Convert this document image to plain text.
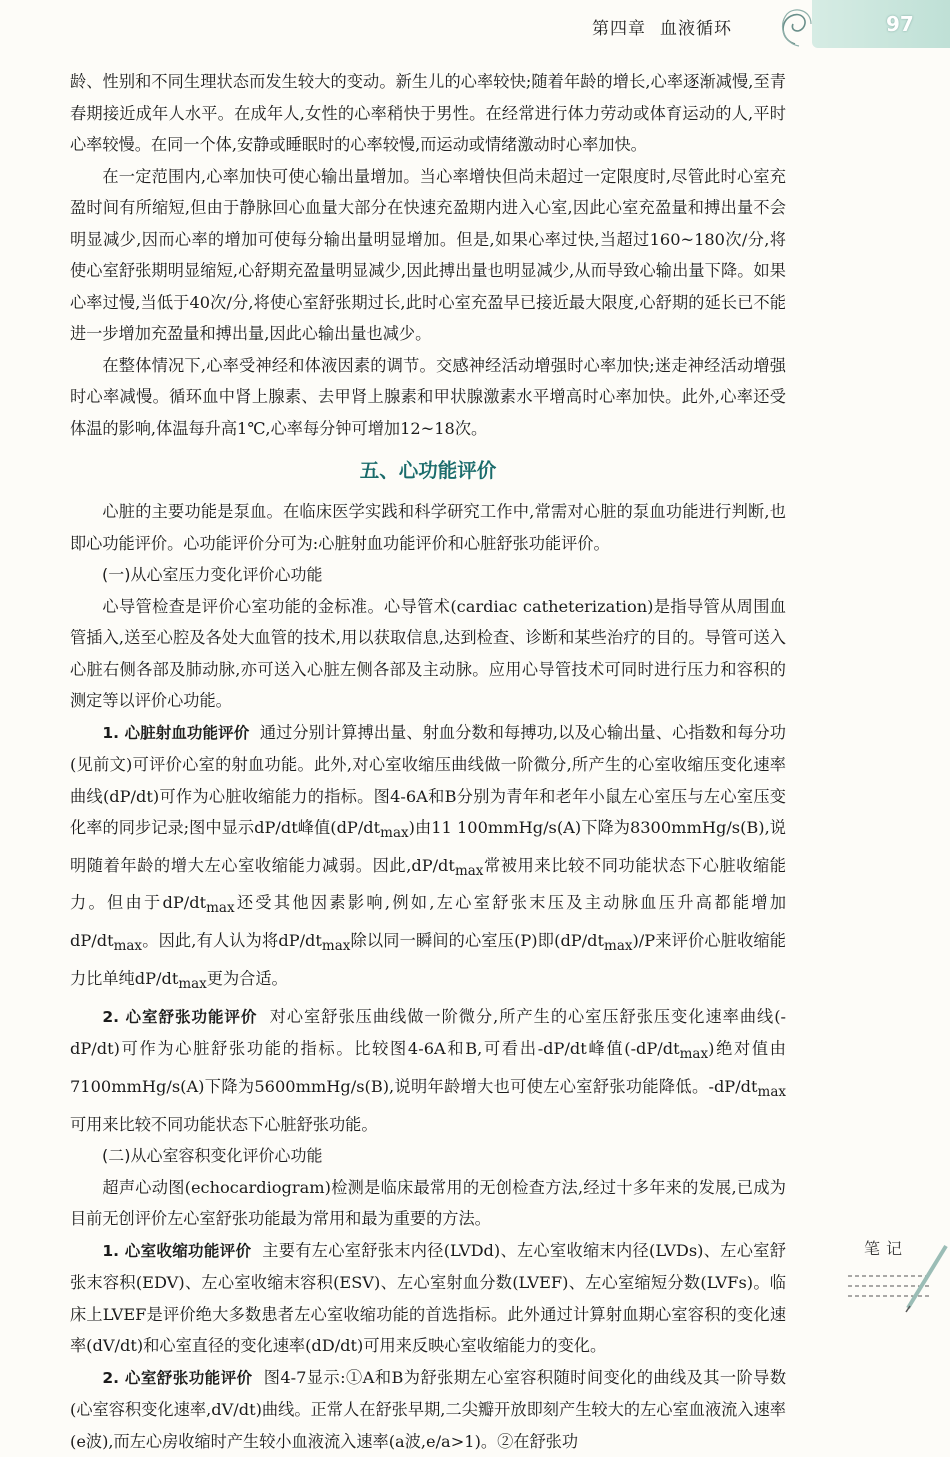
第四章 血液循环	97

龄、性别和不同生理状态而发生较大的变动。新生儿的心率较快;随着年龄的增长,心率逐渐减慢,至青春期接近成年人水平。在成年人,女性的心率稍快于男性。在经常进行体力劳动或体育运动的人,平时心率较慢。在同一个体,安静或睡眠时的心率较慢,而运动或情绪激动时心率加快。

在一定范围内,心率加快可使心输出量增加。当心率增快但尚未超过一定限度时,尽管此时心室充盈时间有所缩短,但由于静脉回心血量大部分在快速充盈期内进入心室,因此心室充盈量和搏出量不会明显减少,因而心率的增加可使每分输出量明显增加。但是,如果心率过快,当超过160~180次/分,将使心室舒张期明显缩短,心舒期充盈量明显减少,因此搏出量也明显减少,从而导致心输出量下降。如果心率过慢,当低于40次/分,将使心室舒张期过长,此时心室充盈早已接近最大限度,心舒期的延长已不能进一步增加充盈量和搏出量,因此心输出量也减少。

在整体情况下,心率受神经和体液因素的调节。交感神经活动增强时心率加快;迷走神经活动增强时心率减慢。循环血中肾上腺素、去甲肾上腺素和甲状腺激素水平增高时心率加快。此外,心率还受体温的影响,体温每升高1℃,心率每分钟可增加12~18次。

五、心功能评价

心脏的主要功能是泵血。在临床医学实践和科学研究工作中,常需对心脏的泵血功能进行判断,也即心功能评价。心功能评价分可为:心脏射血功能评价和心脏舒张功能评价。

(一)从心室压力变化评价心功能

心导管检查是评价心室功能的金标准。心导管术(cardiac catheterization)是指导管从周围血管插入,送至心腔及各处大血管的技术,用以获取信息,达到检查、诊断和某些治疗的目的。导管可送入心脏右侧各部及肺动脉,亦可送入心脏左侧各部及主动脉。应用心导管技术可同时进行压力和容积的测定等以评价心功能。

1. 心脏射血功能评价 通过分别计算搏出量、射血分数和每搏功,以及心输出量、心指数和每分功(见前文)可评价心室的射血功能。此外,对心室收缩压曲线做一阶微分,所产生的心室收缩压变化速率曲线(dP/dt)可作为心脏收缩能力的指标。图4-6A和B分别为青年和老年小鼠左心室压与左心室压变化率的同步记录;图中显示dP/dt峰值$(dP/dt_{max})$由11 100mmHg/s(A)下降为8300mmHg/s(B),说明随着年龄的增大左心室收缩能力减弱。因此$,dP/dt_{max}$常被用来比较不同功能状态下心脏收缩能力。但由于$dP/dt_{max}$还受其他因素影响,例如,左心室舒张末压及主动脉血压升高都能增加$dP/dt_{max}$。因此,有人认为将$dP/dt_{max}$除以同一瞬间的心室压(P)即$(dP/dt_{max})/P$来评价心脏收缩能力比单纯$dP/dt_{max}$更为合适。

2. 心室舒张功能评价 对心室舒张压曲线做一阶微分,所产生的心室压舒张压变化速率曲线(-dP/dt)可作为心脏舒张功能的指标。比较图4-6A和B,可看出-dP/dt峰值$(-dP/dt_{max})$绝对值由7100mmHg/s(A)下降为5600mmHg/s(B),说明年龄增大也可使左心室舒张功能降低。$-dP/dt_{max}$可用来比较不同功能状态下心脏舒张功能。

(二)从心室容积变化评价心功能

超声心动图(echocardiogram)检测是临床最常用的无创检查方法,经过十多年来的发展,已成为目前无创评价左心室舒张功能最为常用和最为重要的方法。

1. 心室收缩功能评价 主要有左心室舒张末内径(LVDd)、左心室收缩末内径(LVDs)、左心室舒张末容积(EDV)、左心室收缩末容积(ESV)、左心室射血分数(LVEF)、左心室缩短分数(LVFs)。临床上LVEF是评价绝大多数患者左心室收缩功能的首选指标。此外通过计算射血期心室容积的变化速率(dV/dt)和心室直径的变化速率(dD/dt)可用来反映心室收缩能力的变化。

2. 心室舒张功能评价 图4-7显示:①A和B为舒张期左心室容积随时间变化的曲线及其一阶导数(心室容积变化速率,dV/dt)曲线。正常人在舒张早期,二尖瓣开放即刻产生较大的左心室血液流入速率(e波),而左心房收缩时产生较小血液流入速率(a波,e/a>1)。②在舒张功

笔记
